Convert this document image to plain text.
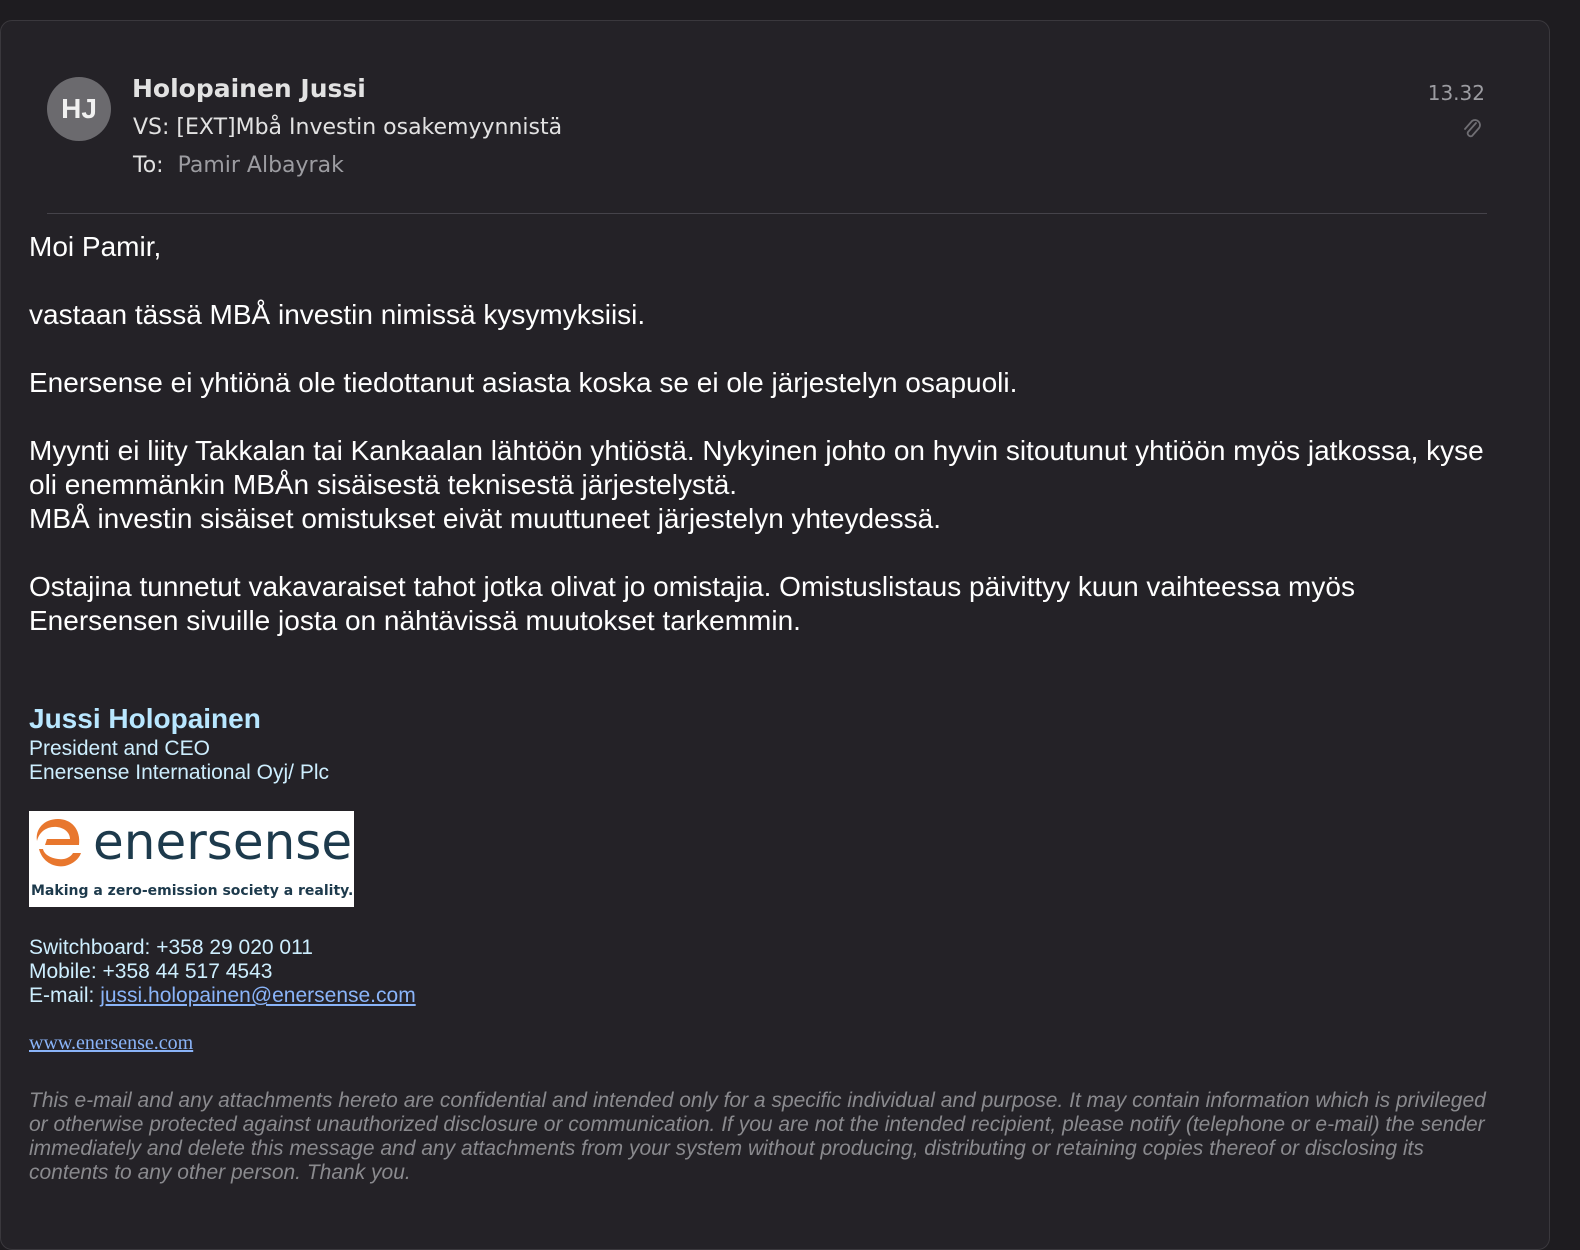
HJ
Holopainen Jussi
VS: [EXT]Mbå Investin osakemyynnistä
To: Pamir Albayrak
13.32

Moi Pamir,

vastaan tässä MBÅ investin nimissä kysymyksiisi.

Enersense ei yhtiönä ole tiedottanut asiasta koska se ei ole järjestelyn osapuoli.

Myynti ei liity Takkalan tai Kankaalan lähtöön yhtiöstä. Nykyinen johto on hyvin sitoutunut yhtiöön myös jatkossa, kyse oli enemmänkin MBÅn sisäisestä teknisestä järjestelystä.
MBÅ investin sisäiset omistukset eivät muuttuneet järjestelyn yhteydessä.

Ostajina tunnetut vakavaraiset tahot jotka olivat jo omistajia. Omistuslistaus päivittyy kuun vaihteessa myös Enersensen sivuille josta on nähtävissä muutokset tarkemmin.

Jussi Holopainen
President and CEO
Enersense International Oyj/ Plc
enersense
Making a zero-emission society a reality.
Switchboard: +358 29 020 011
Mobile: +358 44 517 4543
E-mail: jussi.holopainen@enersense.com
www.enersense.com
This e-mail and any attachments hereto are confidential and intended only for a specific individual and purpose. It may contain information which is privileged or otherwise protected against unauthorized disclosure or communication. If you are not the intended recipient, please notify (telephone or e-mail) the sender immediately and delete this message and any attachments from your system without producing, distributing or retaining copies thereof or disclosing its contents to any other person. Thank you.
